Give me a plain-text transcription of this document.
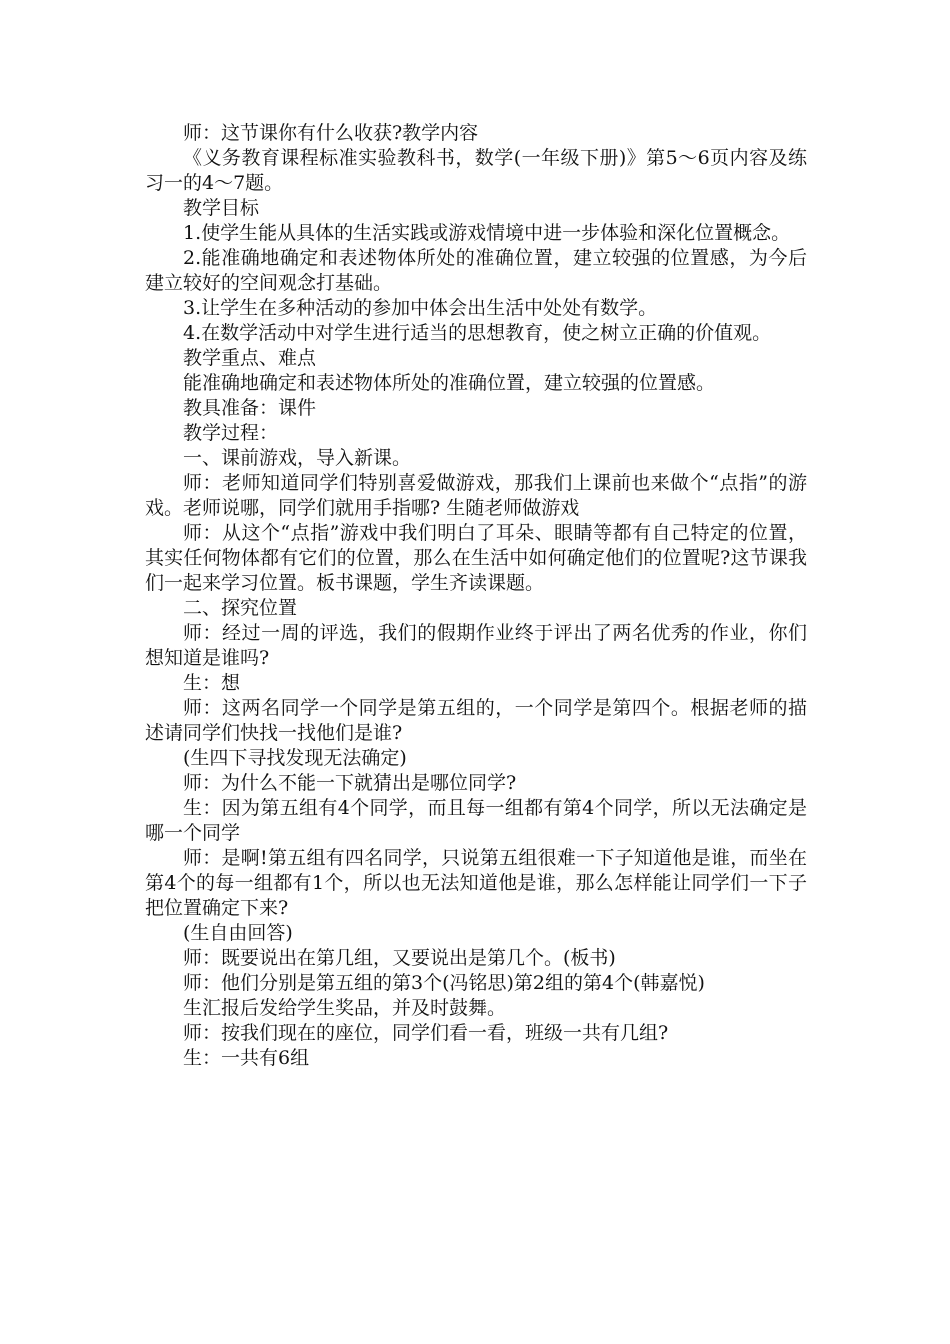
师：这节课你有什么收获?教学内容

《义务教育课程标准实验教科书，数学(一年级下册)》第5～6页内容及练习一的4～7题。

教学目标

1.使学生能从具体的生活实践或游戏情境中进一步体验和深化位置概念。

2.能准确地确定和表述物体所处的准确位置，建立较强的位置感，为今后建立较好的空间观念打基础。

3.让学生在多种活动的参加中体会出生活中处处有数学。

4.在数学活动中对学生进行适当的思想教育，使之树立正确的价值观。

教学重点、难点

能准确地确定和表述物体所处的准确位置，建立较强的位置感。

教具准备：课件

教学过程：

一、课前游戏，导入新课。

师：老师知道同学们特别喜爱做游戏，那我们上课前也来做个“点指”的游戏。老师说哪，同学们就用手指哪? 生随老师做游戏

师：从这个“点指”游戏中我们明白了耳朵、眼睛等都有自己特定的位置，其实任何物体都有它们的位置，那么在生活中如何确定他们的位置呢?这节课我们一起来学习位置。板书课题，学生齐读课题。

二、探究位置

师：经过一周的评选，我们的假期作业终于评出了两名优秀的作业，你们想知道是谁吗?

生：想

师：这两名同学一个同学是第五组的，一个同学是第四个。根据老师的描述请同学们快找一找他们是谁?

(生四下寻找发现无法确定)

师：为什么不能一下就猜出是哪位同学?

生：因为第五组有4个同学，而且每一组都有第4个同学，所以无法确定是哪一个同学

师：是啊!第五组有四名同学，只说第五组很难一下子知道他是谁，而坐在第4个的每一组都有1个，所以也无法知道他是谁，那么怎样能让同学们一下子把位置确定下来?

(生自由回答)

师：既要说出在第几组，又要说出是第几个。(板书)

师：他们分别是第五组的第3个(冯铭思)第2组的第4个(韩嘉悦)

生汇报后发给学生奖品，并及时鼓舞。

师：按我们现在的座位，同学们看一看，班级一共有几组?

生：一共有6组
